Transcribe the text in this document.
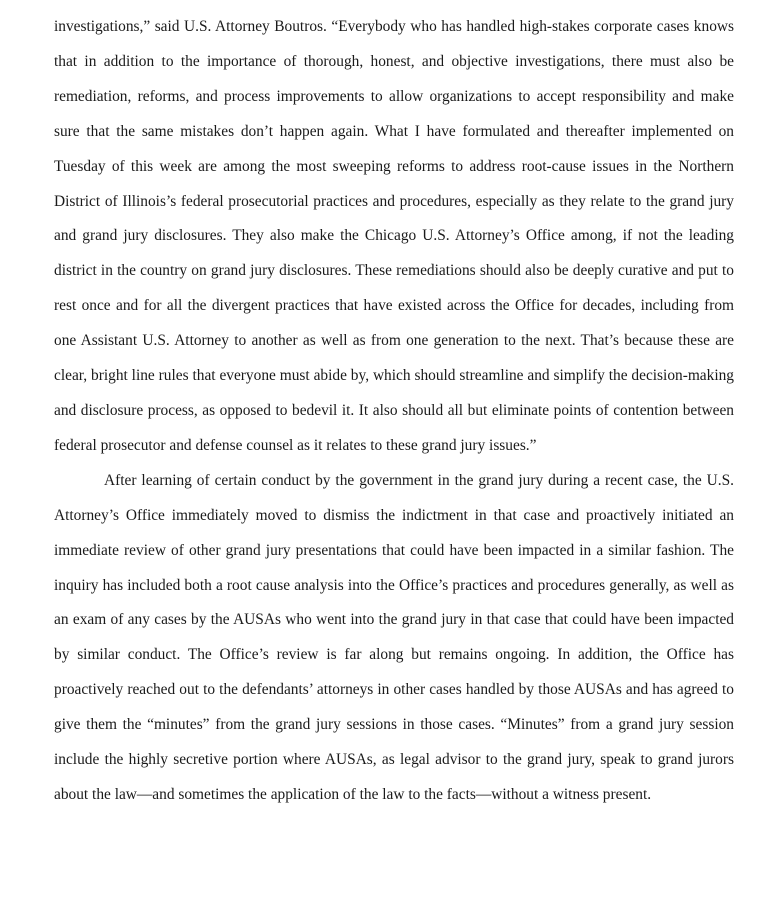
investigations,” said U.S. Attorney Boutros. “Everybody who has handled high-stakes corporate cases knows that in addition to the importance of thorough, honest, and objective investigations, there must also be remediation, reforms, and process improvements to allow organizations to accept responsibility and make sure that the same mistakes don’t happen again. What I have formulated and thereafter implemented on Tuesday of this week are among the most sweeping reforms to address root-cause issues in the Northern District of Illinois’s federal prosecutorial practices and procedures, especially as they relate to the grand jury and grand jury disclosures. They also make the Chicago U.S. Attorney’s Office among, if not the leading district in the country on grand jury disclosures. These remediations should also be deeply curative and put to rest once and for all the divergent practices that have existed across the Office for decades, including from one Assistant U.S. Attorney to another as well as from one generation to the next. That’s because these are clear, bright line rules that everyone must abide by, which should streamline and simplify the decision-making and disclosure process, as opposed to bedevil it. It also should all but eliminate points of contention between federal prosecutor and defense counsel as it relates to these grand jury issues.”

After learning of certain conduct by the government in the grand jury during a recent case, the U.S. Attorney’s Office immediately moved to dismiss the indictment in that case and proactively initiated an immediate review of other grand jury presentations that could have been impacted in a similar fashion. The inquiry has included both a root cause analysis into the Office’s practices and procedures generally, as well as an exam of any cases by the AUSAs who went into the grand jury in that case that could have been impacted by similar conduct. The Office’s review is far along but remains ongoing. In addition, the Office has proactively reached out to the defendants’ attorneys in other cases handled by those AUSAs and has agreed to give them the “minutes” from the grand jury sessions in those cases. “Minutes” from a grand jury session include the highly secretive portion where AUSAs, as legal advisor to the grand jury, speak to grand jurors about the law—and sometimes the application of the law to the facts—without a witness present.
